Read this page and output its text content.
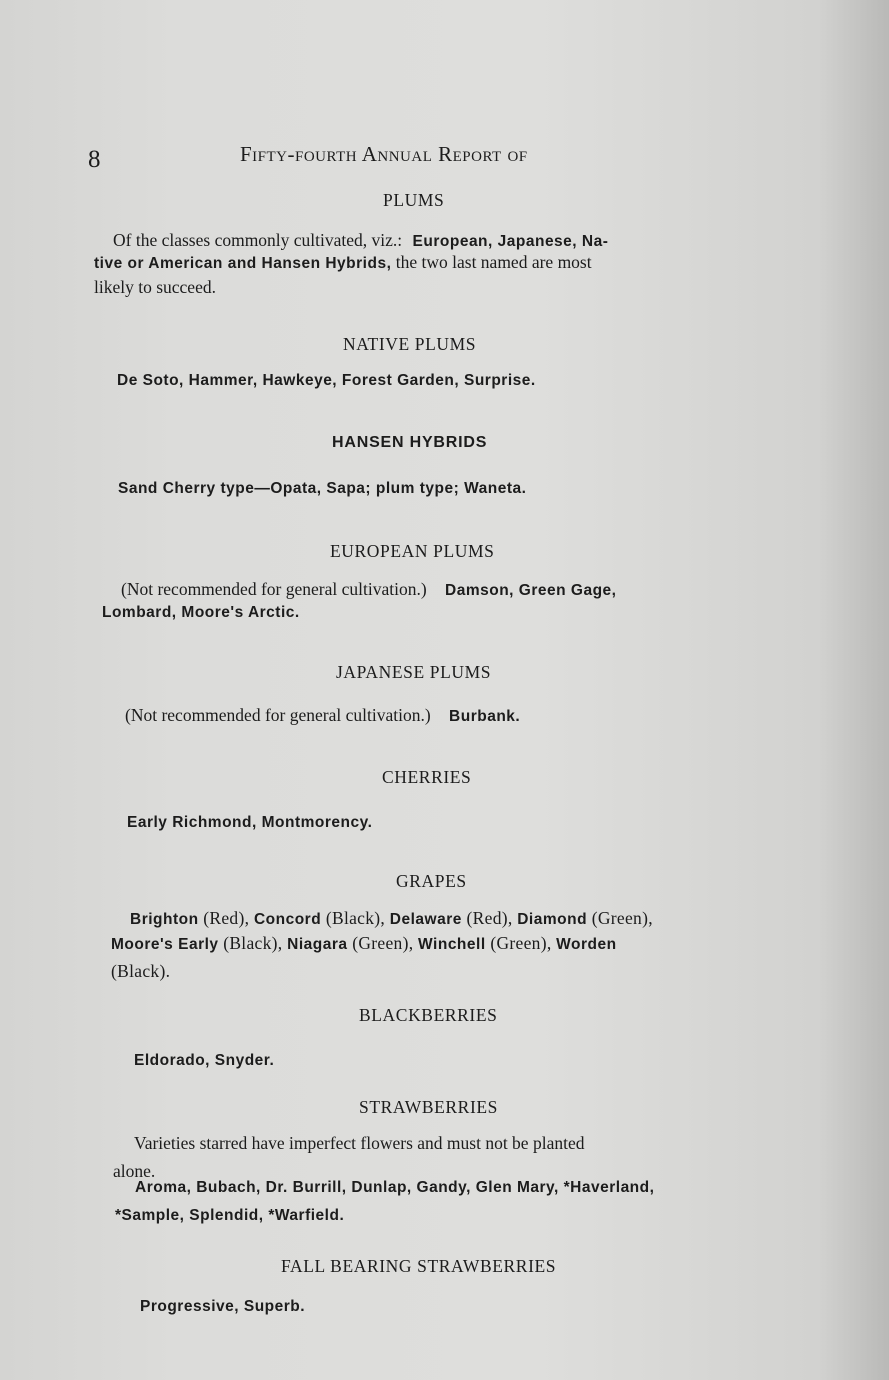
8	Fifty-fourth Annual Report of
PLUMS
Of the classes commonly cultivated, viz.: European, Japanese, Na-
tive or American and Hansen Hybrids, the two last named are most
likely to succeed.
NATIVE PLUMS
De Soto, Hammer, Hawkeye, Forest Garden, Surprise.
HANSEN HYBRIDS
Sand Cherry type—Opata, Sapa; plum type; Waneta.
EUROPEAN PLUMS
(Not recommended for general cultivation.) Damson, Green Gage,
Lombard, Moore's Arctic.
JAPANESE PLUMS
(Not recommended for general cultivation.) Burbank.
CHERRIES
Early Richmond, Montmorency.
GRAPES
Brighton (Red), Concord (Black), Delaware (Red), Diamond (Green),
Moore's Early (Black), Niagara (Green), Winchell (Green), Worden
(Black).
BLACKBERRIES
Eldorado, Snyder.
STRAWBERRIES
Varieties starred have imperfect flowers and must not be planted
alone.
Aroma, Bubach, Dr. Burrill, Dunlap, Gandy, Glen Mary, *Haverland,
*Sample, Splendid, *Warfield.
FALL BEARING STRAWBERRIES
Progressive, Superb.
